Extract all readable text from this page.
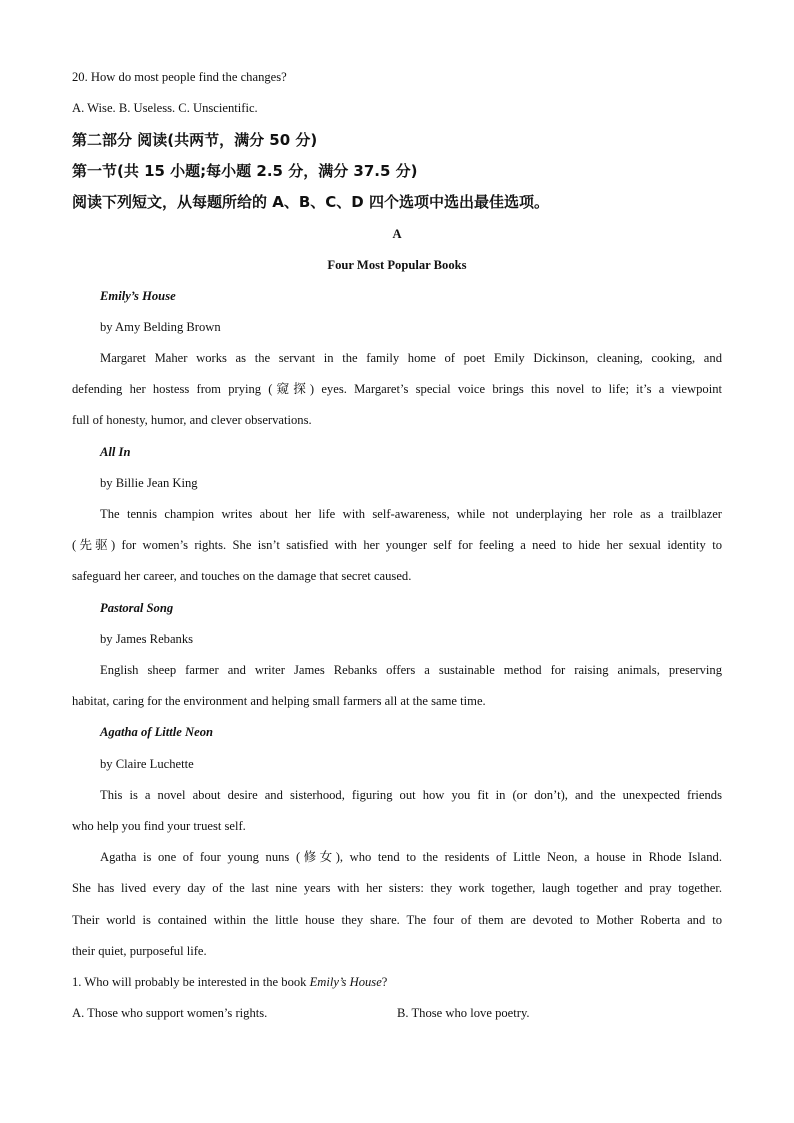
20. How do most people find the changes?
A. Wise. B. Useless. C. Unscientific.
第二部分 阅读(共两节，满分 50 分)
第一节(共 15 小题;每小题 2.5 分，满分 37.5 分)
阅读下列短文，从每题所给的 A、B、C、D 四个选项中选出最佳选项。
A
Four Most Popular Books
Emily’s House
by Amy Belding Brown
Margaret Maher works as the servant in the family home of poet Emily Dickinson, cleaning, cooking, and
defending her hostess from prying (窥探) eyes. Margaret’s special voice brings this novel to life; it’s a viewpoint
full of honesty, humor, and clever observations.
All In
by Billie Jean King
The tennis champion writes about her life with self-awareness, while not underplaying her role as a trailblazer
(先驱) for women’s rights. She isn’t satisfied with her younger self for feeling a need to hide her sexual identity to
safeguard her career, and touches on the damage that secret caused.
Pastoral Song
by James Rebanks
English sheep farmer and writer James Rebanks offers a sustainable method for raising animals, preserving
habitat, caring for the environment and helping small farmers all at the same time.
Agatha of Little Neon
by Claire Luchette
This is a novel about desire and sisterhood, figuring out how you fit in (or don’t), and the unexpected friends
who help you find your truest self.
Agatha is one of four young nuns (修女), who tend to the residents of Little Neon, a house in Rhode Island.
She has lived every day of the last nine years with her sisters: they work together, laugh together and pray together.
Their world is contained within the little house they share. The four of them are devoted to Mother Roberta and to
their quiet, purposeful life.
1. Who will probably be interested in the book Emily’s House?
A. Those who support women’s rights.	B. Those who love poetry.
